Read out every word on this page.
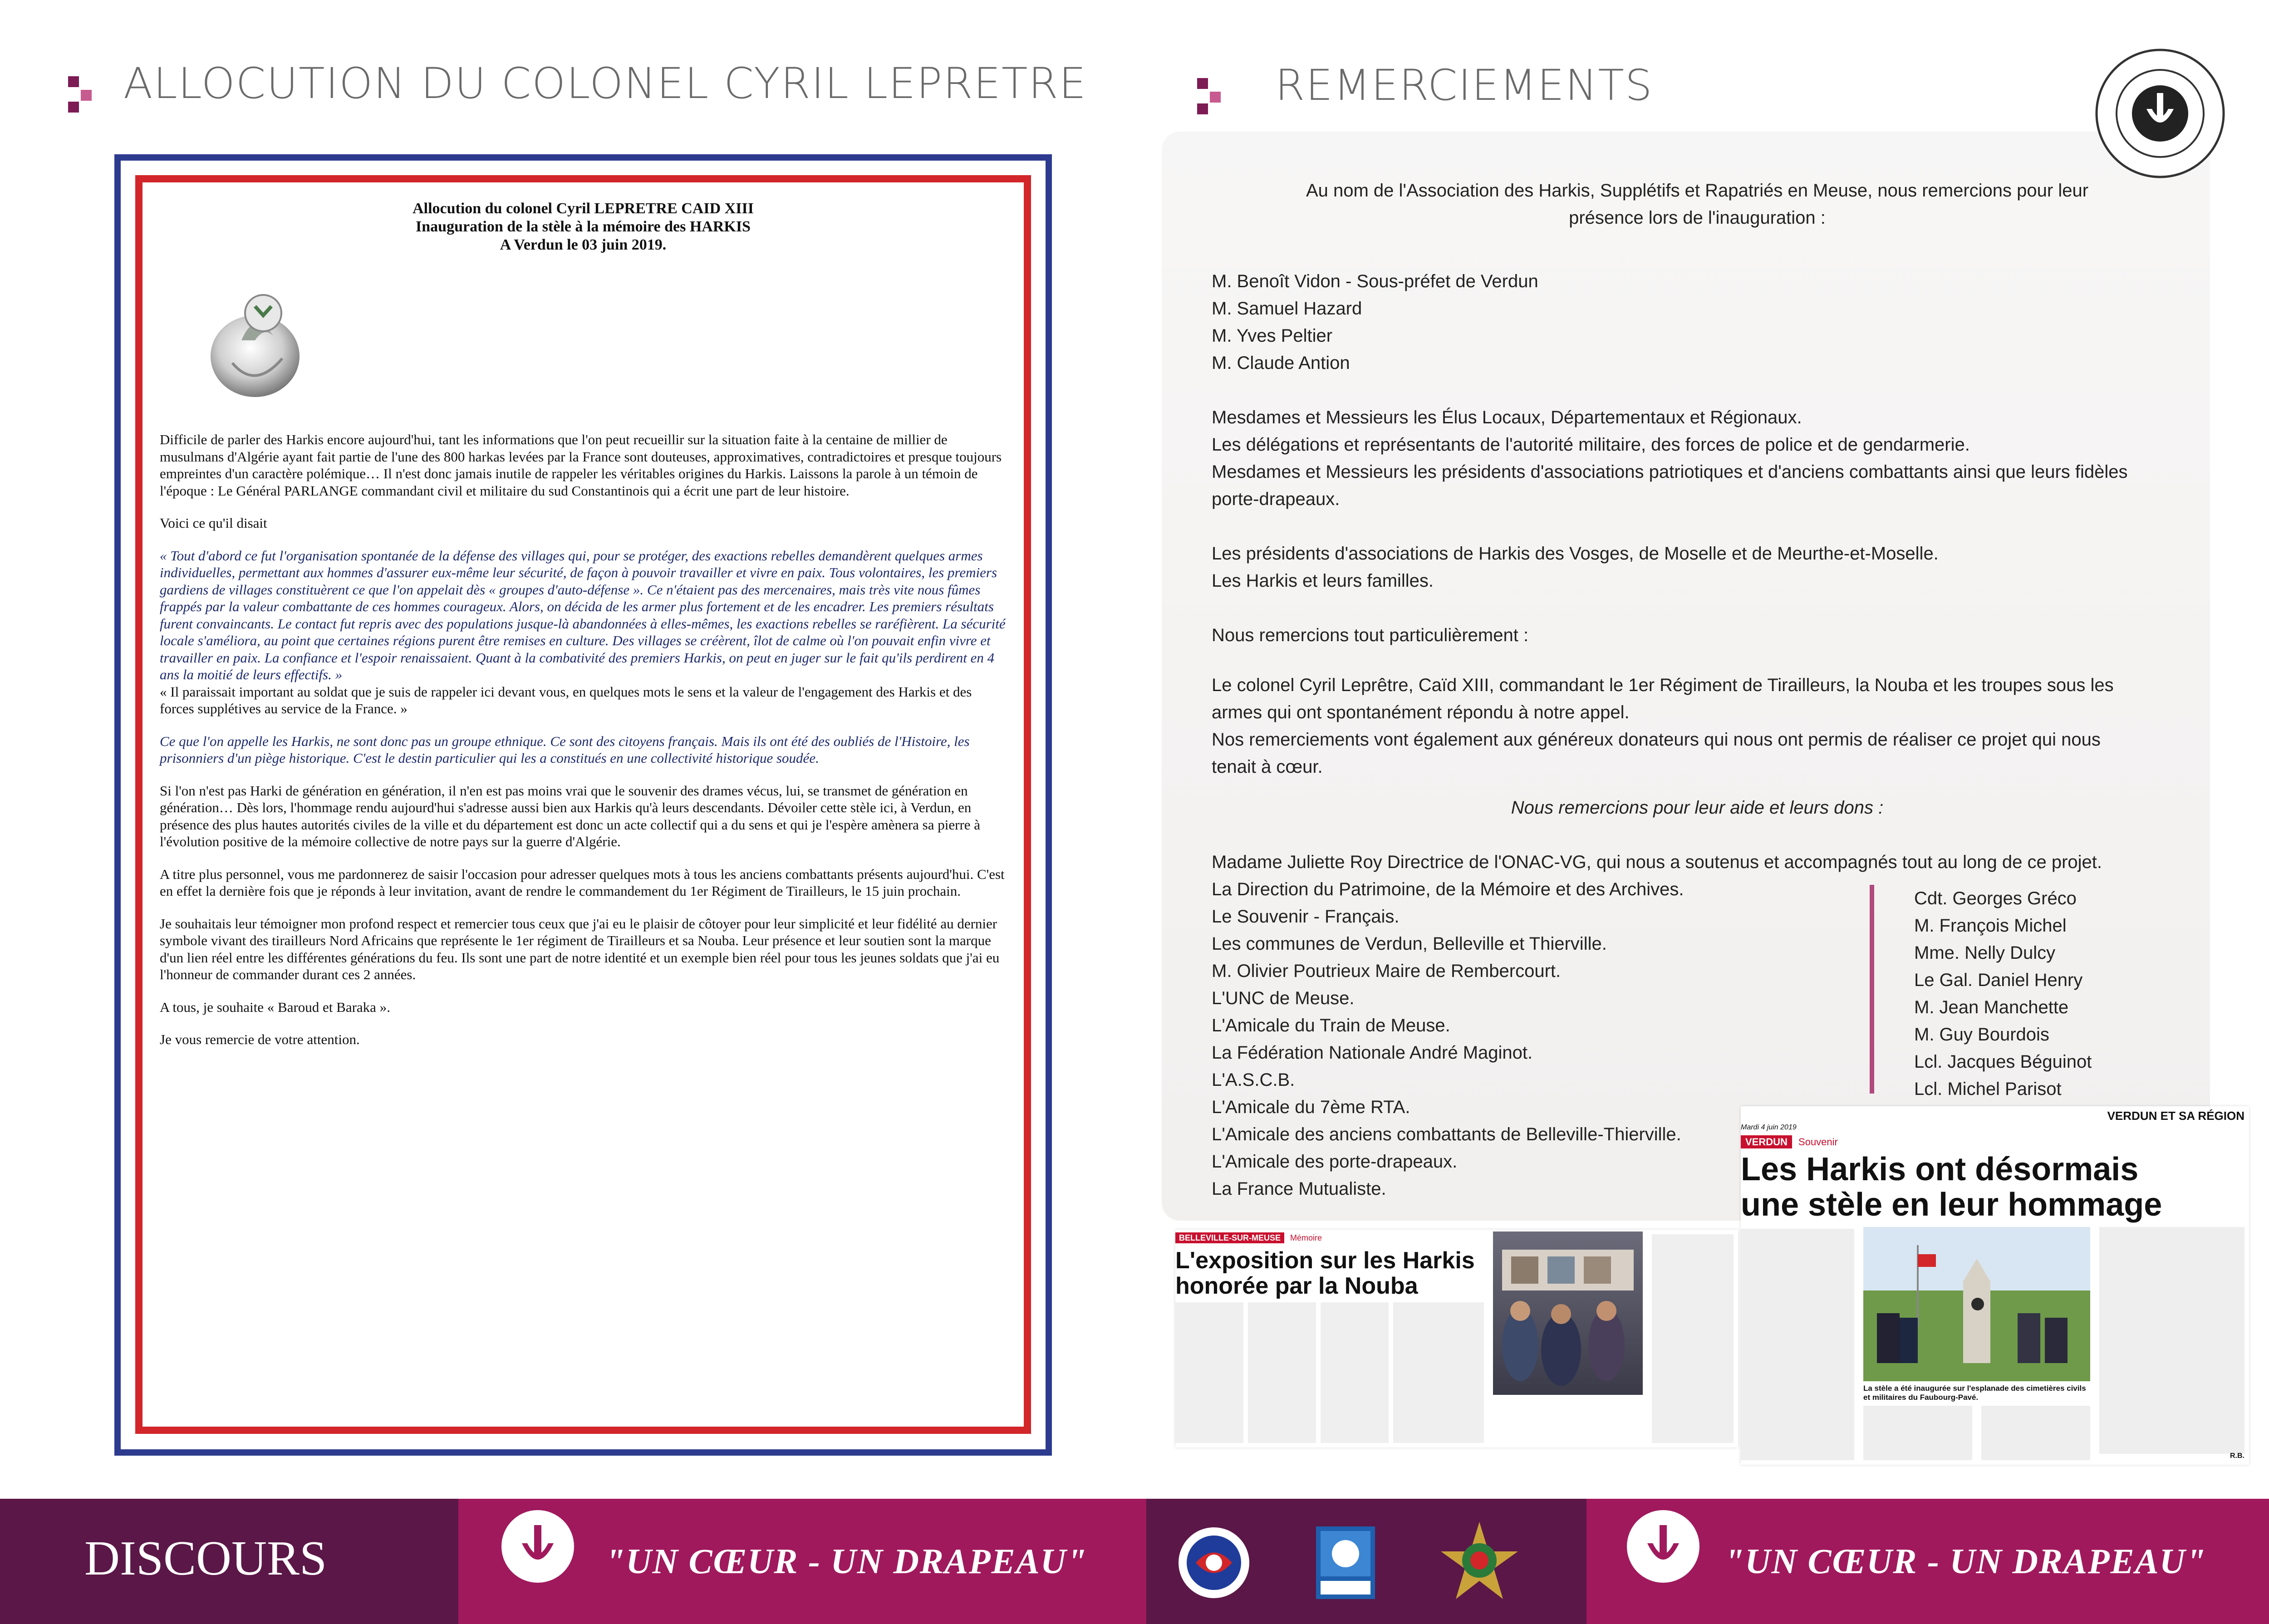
ALLOCUTION DU COLONEL CYRIL LEPRETRE
Allocution du colonel Cyril LEPRETRE CAID XIII
Inauguration de la stèle à la mémoire des HARKIS
A Verdun le 03 juin 2019.

Difficile de parler des Harkis encore aujourd'hui, tant les informations que l'on peut recueillir sur la situation faite à la centaine de millier de musulmans d'Algérie ayant fait partie de l'une des 800 harkas levées par la France sont douteuses, approximatives, contradictoires et presque toujours empreintes d'un caractère polémique… Il n'est donc jamais inutile de rappeler les véritables origines du Harkis. Laissons la parole à un témoin de l'époque : Le Général PARLANGE commandant civil et militaire du sud Constantinois qui a écrit une part de leur histoire.

Voici ce qu'il disait

« Tout d'abord ce fut l'organisation spontanée de la défense des villages qui, pour se protéger, des exactions rebelles demandèrent quelques armes individuelles, permettant aux hommes d'assurer eux-même leur sécurité, de façon à pouvoir travailler et vivre en paix. Tous volontaires, les premiers gardiens de villages constituèrent ce que l'on appelait dès « groupes d'auto-défense ». Ce n'étaient pas des mercenaires, mais très vite nous fûmes frappés par la valeur combattante de ces hommes courageux. Alors, on décida de les armer plus fortement et de les encadrer. Les premiers résultats furent convaincants. Le contact fut repris avec des populations jusque-là abandonnées à elles-mêmes, les exactions rebelles se raréfièrent. La sécurité locale s'améliora, au point que certaines régions purent être remises en culture. Des villages se créèrent, îlot de calme où l'on pouvait enfin vivre et travailler en paix. La confiance et l'espoir renaissaient. Quant à la combativité des premiers Harkis, on peut en juger sur le fait qu'ils perdirent en 4 ans la moitié de leurs effectifs. »

« Il paraissait important au soldat que je suis de rappeler ici devant vous, en quelques mots le sens et la valeur de l'engagement des Harkis et des forces supplétives au service de la France. »

Ce que l'on appelle les Harkis, ne sont donc pas un groupe ethnique. Ce sont des citoyens français. Mais ils ont été des oubliés de l'Histoire, les prisonniers d'un piège historique. C'est le destin particulier qui les a constitués en une collectivité historique soudée.

Si l'on n'est pas Harki de génération en génération, il n'en est pas moins vrai que le souvenir des drames vécus, lui, se transmet de génération en génération… Dès lors, l'hommage rendu aujourd'hui s'adresse aussi bien aux Harkis qu'à leurs descendants. Dévoiler cette stèle ici, à Verdun, en présence des plus hautes autorités civiles de la ville et du département est donc un acte collectif qui a du sens et qui je l'espère amènera sa pierre à l'évolution positive de la mémoire collective de notre pays sur la guerre d'Algérie.

A titre plus personnel, vous me pardonnerez de saisir l'occasion pour adresser quelques mots à tous les anciens combattants présents aujourd'hui. C'est en effet la dernière fois que je réponds à leur invitation, avant de rendre le commandement du 1er Régiment de Tirailleurs, le 15 juin prochain.

Je souhaitais leur témoigner mon profond respect et remercier tous ceux que j'ai eu le plaisir de côtoyer pour leur simplicité et leur fidélité au dernier symbole vivant des tirailleurs Nord Africains que représente le 1er régiment de Tirailleurs et sa Nouba. Leur présence et leur soutien sont la marque d'un lien réel entre les différentes générations du feu. Ils sont une part de notre identité et un exemple bien réel pour tous les jeunes soldats que j'ai eu l'honneur de commander durant ces 2 années.

A tous, je souhaite « Baroud et Baraka ».

Je vous remercie de votre attention.

REMERCIEMENTS
Au nom de l'Association des Harkis, Supplétifs et Rapatriés en Meuse, nous remercions pour leur
présence lors de l'inauguration :
M. Benoît Vidon - Sous-préfet de Verdun
M. Samuel Hazard
M. Yves Peltier
M. Claude Antion
Mesdames et Messieurs les Élus Locaux, Départementaux et Régionaux.
Les délégations et représentants de l'autorité militaire, des forces de police et de gendarmerie.
Mesdames et Messieurs les présidents d'associations patriotiques et d'anciens combattants ainsi que leurs fidèles
porte-drapeaux.
Les présidents d'associations de Harkis des Vosges, de Moselle et de Meurthe-et-Moselle.
Les Harkis et leurs familles.
Nous remercions tout particulièrement :
Le colonel Cyril Leprêtre, Caïd XIII, commandant le 1er Régiment de Tirailleurs, la Nouba et les troupes sous les
armes qui ont spontanément répondu à notre appel.
Nos remerciements vont également aux généreux donateurs qui nous ont permis de réaliser ce projet qui nous
tenait à cœur.
Nous remercions pour leur aide et leurs dons :
Madame Juliette Roy Directrice de l'ONAC-VG, qui nous a soutenus et accompagnés tout au long de ce projet.
La Direction du Patrimoine, de la Mémoire et des Archives.
Le Souvenir - Français.
Les communes de Verdun, Belleville et Thierville.
M. Olivier Poutrieux Maire de Rembercourt.
L'UNC de Meuse.
L'Amicale du Train de Meuse.
La Fédération Nationale André Maginot.
L'A.S.C.B.
L'Amicale du 7ème RTA.
L'Amicale des anciens combattants de Belleville-Thierville.
L'Amicale des porte-drapeaux.
La France Mutualiste.
Cdt. Georges Gréco
M. François Michel
Mme. Nelly Dulcy
Le Gal. Daniel Henry
M. Jean Manchette
M. Guy Bourdois
Lcl. Jacques Béguinot
Lcl. Michel Parisot
BELLEVILLE-SUR-MEUSE Mémoire
L'exposition sur les Harkis
honorée par la Nouba
VERDUN ET SA RÉGION
Mardi 4 juin 2019
VERDUN Souvenir
Les Harkis ont désormais
une stèle en leur hommage
La stèle a été inaugurée sur l'esplanade des cimetières civils et militaires du Faubourg-Pavé.
R.B.
DISCOURS	"UN CŒUR - UN DRAPEAU"	"UN CŒUR - UN DRAPEAU"
